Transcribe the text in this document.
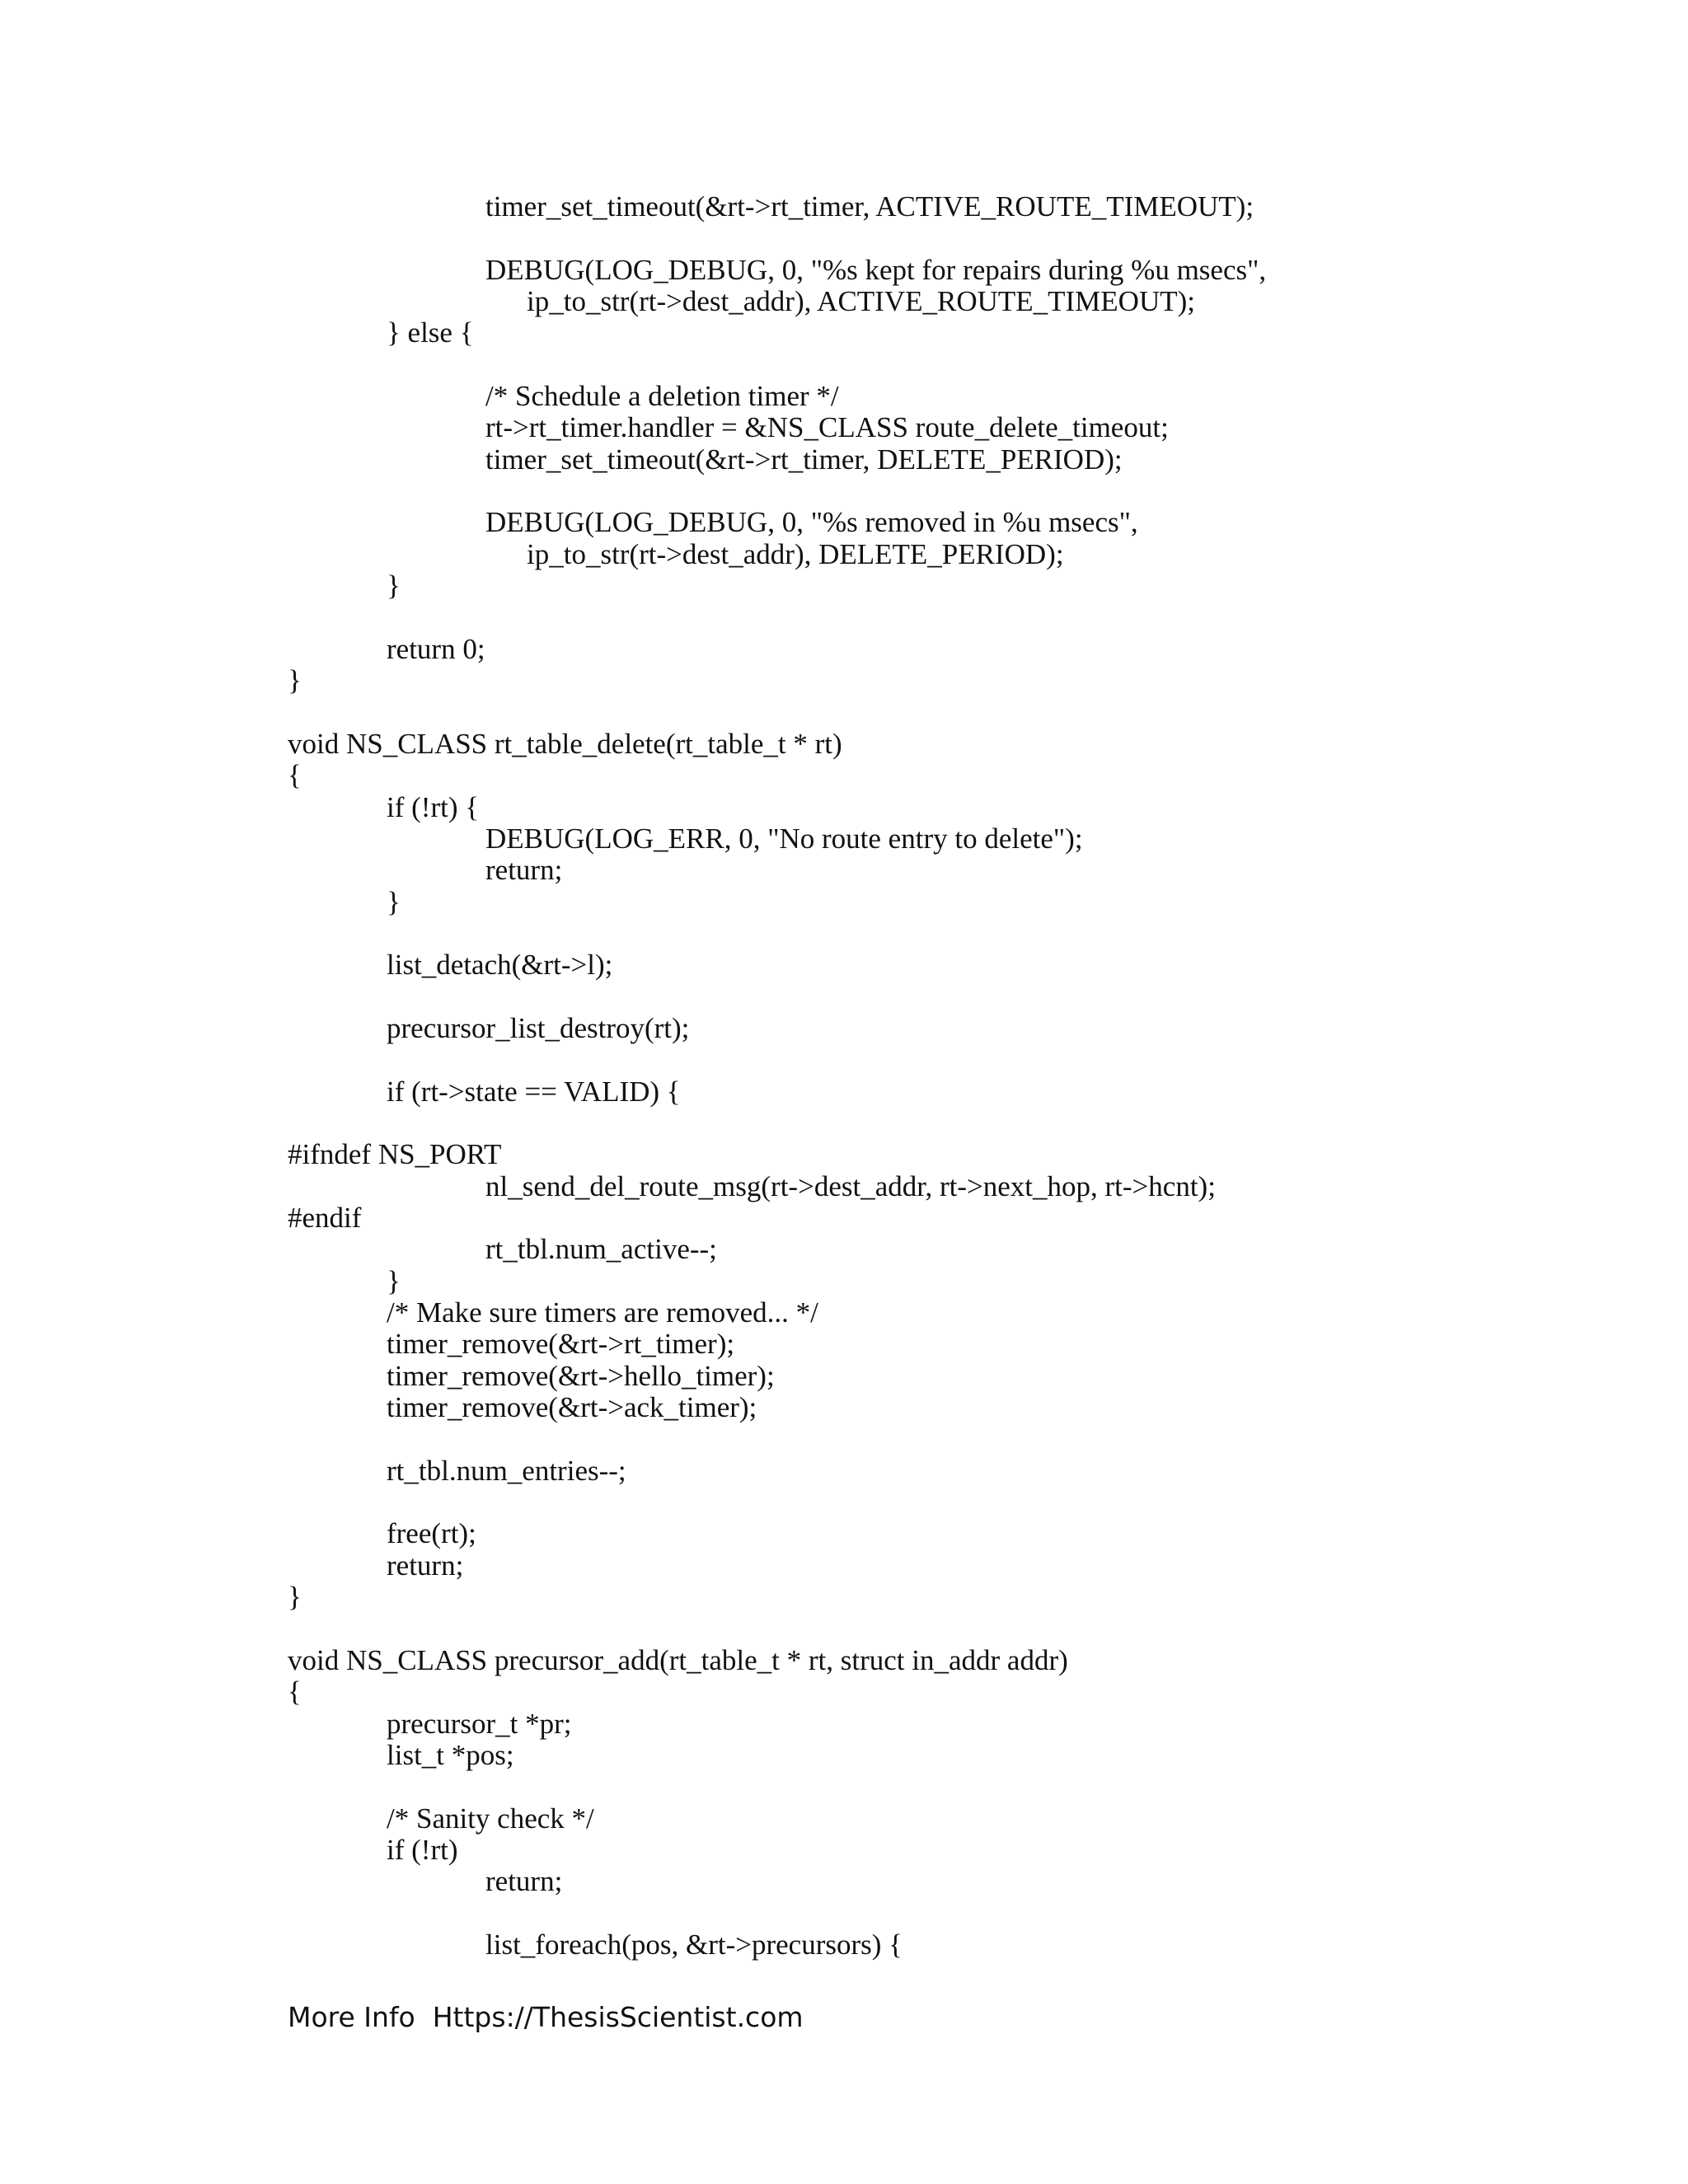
timer_set_timeout(&rt->rt_timer, ACTIVE_ROUTE_TIMEOUT);
DEBUG(LOG_DEBUG, 0, "%s kept for repairs during %u msecs",
ip_to_str(rt->dest_addr), ACTIVE_ROUTE_TIMEOUT);
} else {
/* Schedule a deletion timer */
rt->rt_timer.handler = &NS_CLASS route_delete_timeout;
timer_set_timeout(&rt->rt_timer, DELETE_PERIOD);
DEBUG(LOG_DEBUG, 0, "%s removed in %u msecs",
ip_to_str(rt->dest_addr), DELETE_PERIOD);
}
return 0;
}
void NS_CLASS rt_table_delete(rt_table_t * rt)
{
if (!rt) {
DEBUG(LOG_ERR, 0, "No route entry to delete");
return;
}
list_detach(&rt->l);
precursor_list_destroy(rt);
if (rt->state == VALID) {
#ifndef NS_PORT
nl_send_del_route_msg(rt->dest_addr, rt->next_hop, rt->hcnt);
#endif
rt_tbl.num_active--;
}
/* Make sure timers are removed... */
timer_remove(&rt->rt_timer);
timer_remove(&rt->hello_timer);
timer_remove(&rt->ack_timer);
rt_tbl.num_entries--;
free(rt);
return;
}
void NS_CLASS precursor_add(rt_table_t * rt, struct in_addr addr)
{
precursor_t *pr;
list_t *pos;
/* Sanity check */
if (!rt)
return;
list_foreach(pos, &rt->precursors) {
More Info  Https://ThesisScientist.com
